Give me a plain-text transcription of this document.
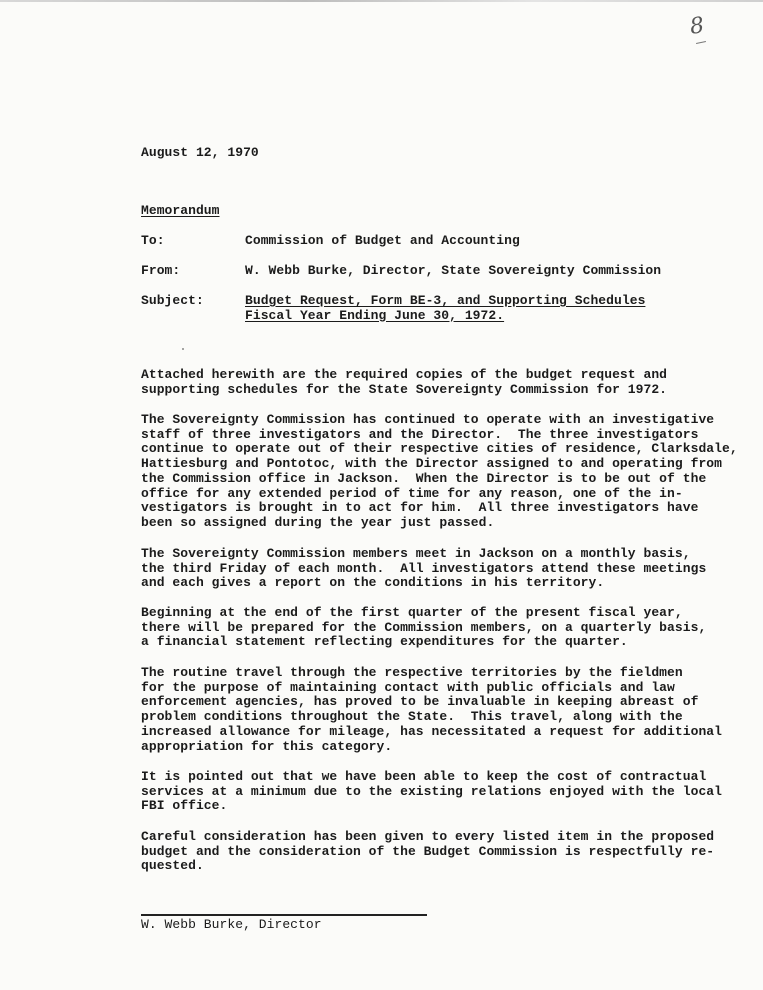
8
August 12, 1970
Memorandum
To:	Commission of Budget and Accounting
From:	W. Webb Burke, Director, State Sovereignty Commission
Subject:	Budget Request, Form BE-3, and Supporting Schedules
Fiscal Year Ending June 30, 1972.

Attached herewith are the required copies of the budget request and
supporting schedules for the State Sovereignty Commission for 1972.

The Sovereignty Commission has continued to operate with an investigative
staff of three investigators and the Director.  The three investigators
continue to operate out of their respective cities of residence, Clarksdale,
Hattiesburg and Pontotoc, with the Director assigned to and operating from
the Commission office in Jackson.  When the Director is to be out of the
office for any extended period of time for any reason, one of the in-
vestigators is brought in to act for him.  All three investigators have
been so assigned during the year just passed.

The Sovereignty Commission members meet in Jackson on a monthly basis,
the third Friday of each month.  All investigators attend these meetings
and each gives a report on the conditions in his territory.

Beginning at the end of the first quarter of the present fiscal year,
there will be prepared for the Commission members, on a quarterly basis,
a financial statement reflecting expenditures for the quarter.

The routine travel through the respective territories by the fieldmen
for the purpose of maintaining contact with public officials and law
enforcement agencies, has proved to be invaluable in keeping abreast of
problem conditions throughout the State.  This travel, along with the
increased allowance for mileage, has necessitated a request for additional
appropriation for this category.

It is pointed out that we have been able to keep the cost of contractual
services at a minimum due to the existing relations enjoyed with the local
FBI office.

Careful consideration has been given to every listed item in the proposed
budget and the consideration of the Budget Commission is respectfully re-
quested.

W. Webb Burke, Director
